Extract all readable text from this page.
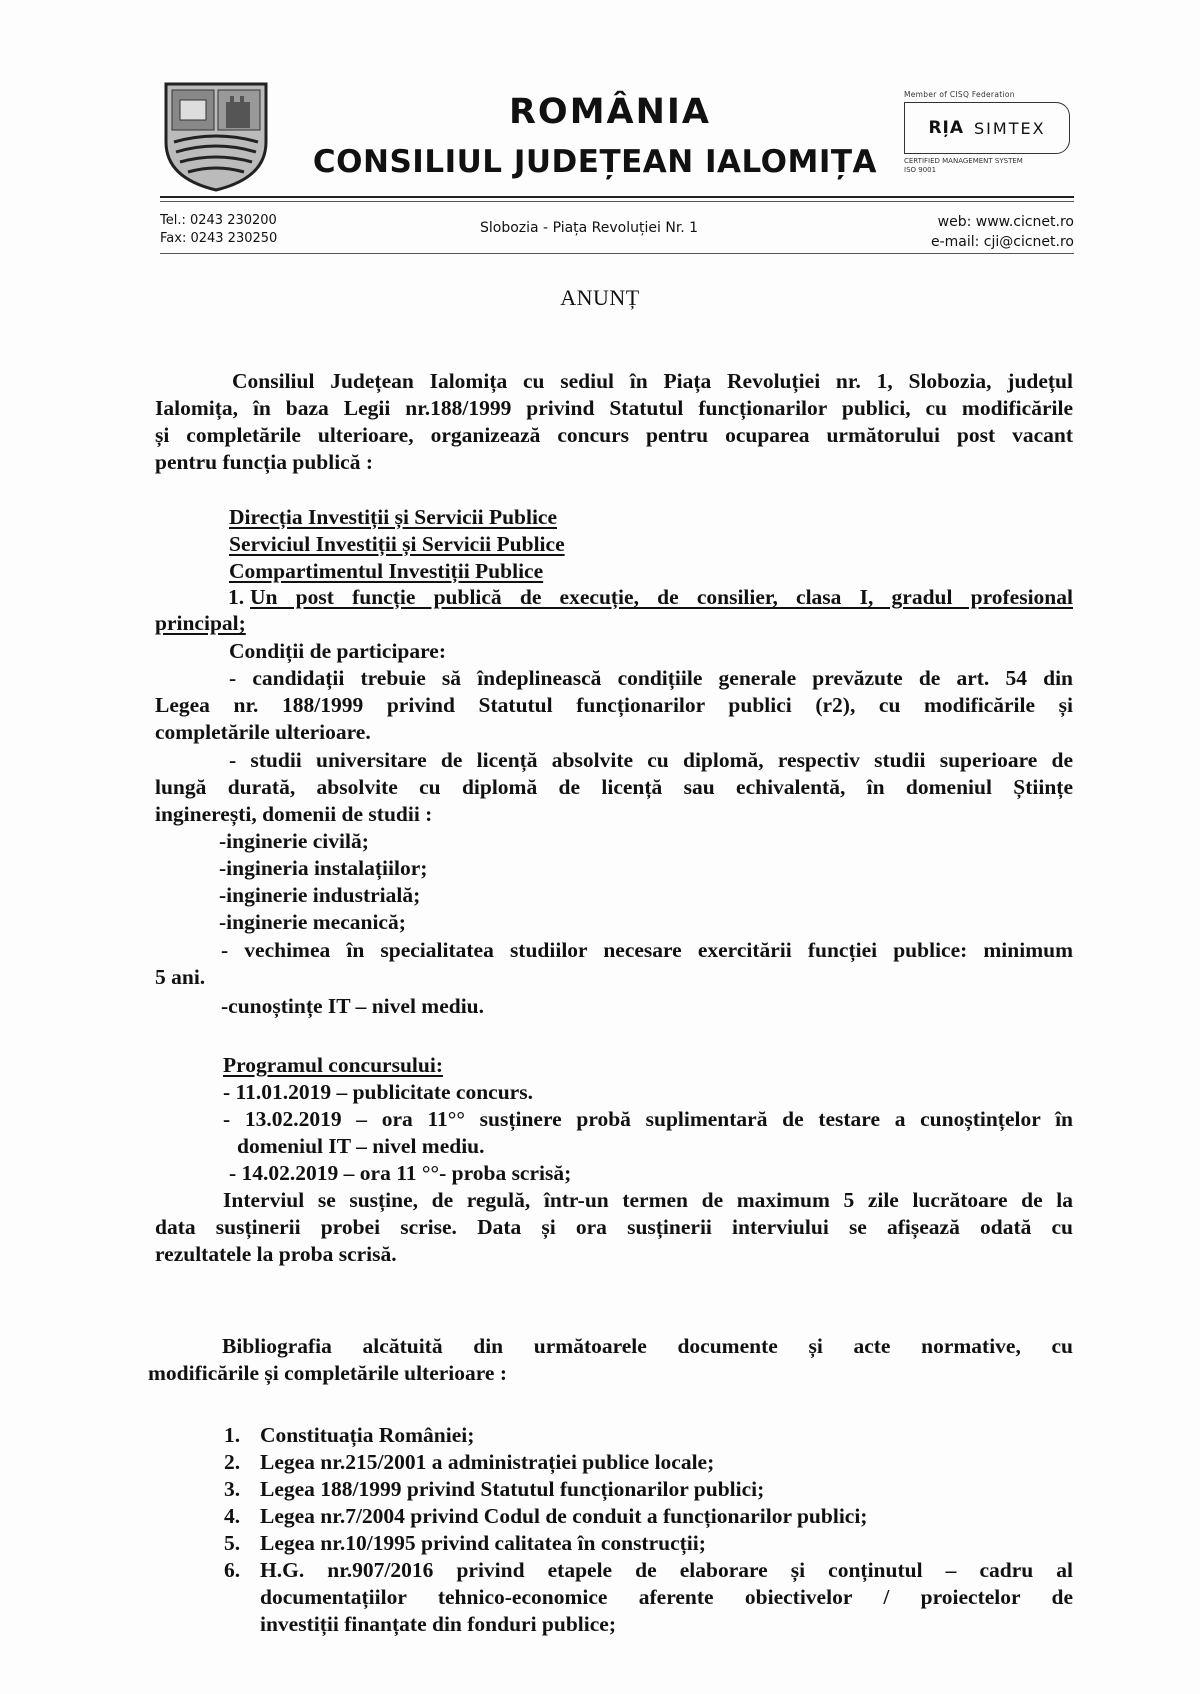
ROMÂNIA
CONSILIUL JUDEȚEAN IALOMIȚA
Member of CISQ Federation
RI̦A SIMTEX
CERTIFIED MANAGEMENT SYSTEM
ISO 9001
Tel.: 0243 230200
Fax: 0243 230250
Slobozia - Piața Revoluției Nr. 1	web: www.cicnet.ro
e-mail: cji@cicnet.ro
ANUNȚ
Consiliul Județean Ialomița cu sediul în Piața Revoluției nr. 1, Slobozia, județul
Ialomița, în baza Legii nr.188/1999 privind Statutul funcționarilor publici, cu modificările
și completările ulterioare, organizează concurs pentru ocuparea următorului post vacant
pentru funcția publică :
Direcția Investiții și Servicii Publice
Serviciul Investiții și Servicii Publice
Compartimentul Investiții Publice
1. Un post funcție publică de execuție, de consilier, clasa I, gradul profesional
principal;
Condiții de participare:
- candidații trebuie să îndeplinească condițiile generale prevăzute de art. 54 din
Legea nr. 188/1999 privind Statutul funcționarilor publici (r2), cu modificările și
completările ulterioare.
- studii universitare de licență absolvite cu diplomă, respectiv studii superioare de
lungă durată, absolvite cu diplomă de licență sau echivalentă, în domeniul Științe
inginerești, domenii de studii :
-inginerie civilă;
-ingineria instalațiilor;
-inginerie industrială;
-inginerie mecanică;
- vechimea în specialitatea studiilor necesare exercitării funcției publice: minimum
5 ani.
-cunoștințe IT – nivel mediu.
Programul concursului:
- 11.01.2019 – publicitate concurs.
- 13.02.2019 – ora 11°° susținere probă suplimentară de testare a cunoștințelor în
domeniul IT – nivel mediu.
- 14.02.2019 – ora 11 °°- proba scrisă;
Interviul se susține, de regulă, într-un termen de maximum 5 zile lucrătoare de la
data susținerii probei scrise. Data și ora susținerii interviului se afișează odată cu
rezultatele la proba scrisă.
Bibliografia alcătuită din următoarele documente și acte normative, cu
modificările și completările ulterioare :
1. Constituația României;
2. Legea nr.215/2001 a administrației publice locale;
3. Legea 188/1999 privind Statutul funcționarilor publici;
4. Legea nr.7/2004 privind Codul de conduit a funcționarilor publici;
5. Legea nr.10/1995 privind calitatea în construcții;
6. H.G. nr.907/2016 privind etapele de elaborare și conținutul – cadru al
documentațiilor tehnico-economice aferente obiectivelor / proiectelor de
investiții finanțate din fonduri publice;
